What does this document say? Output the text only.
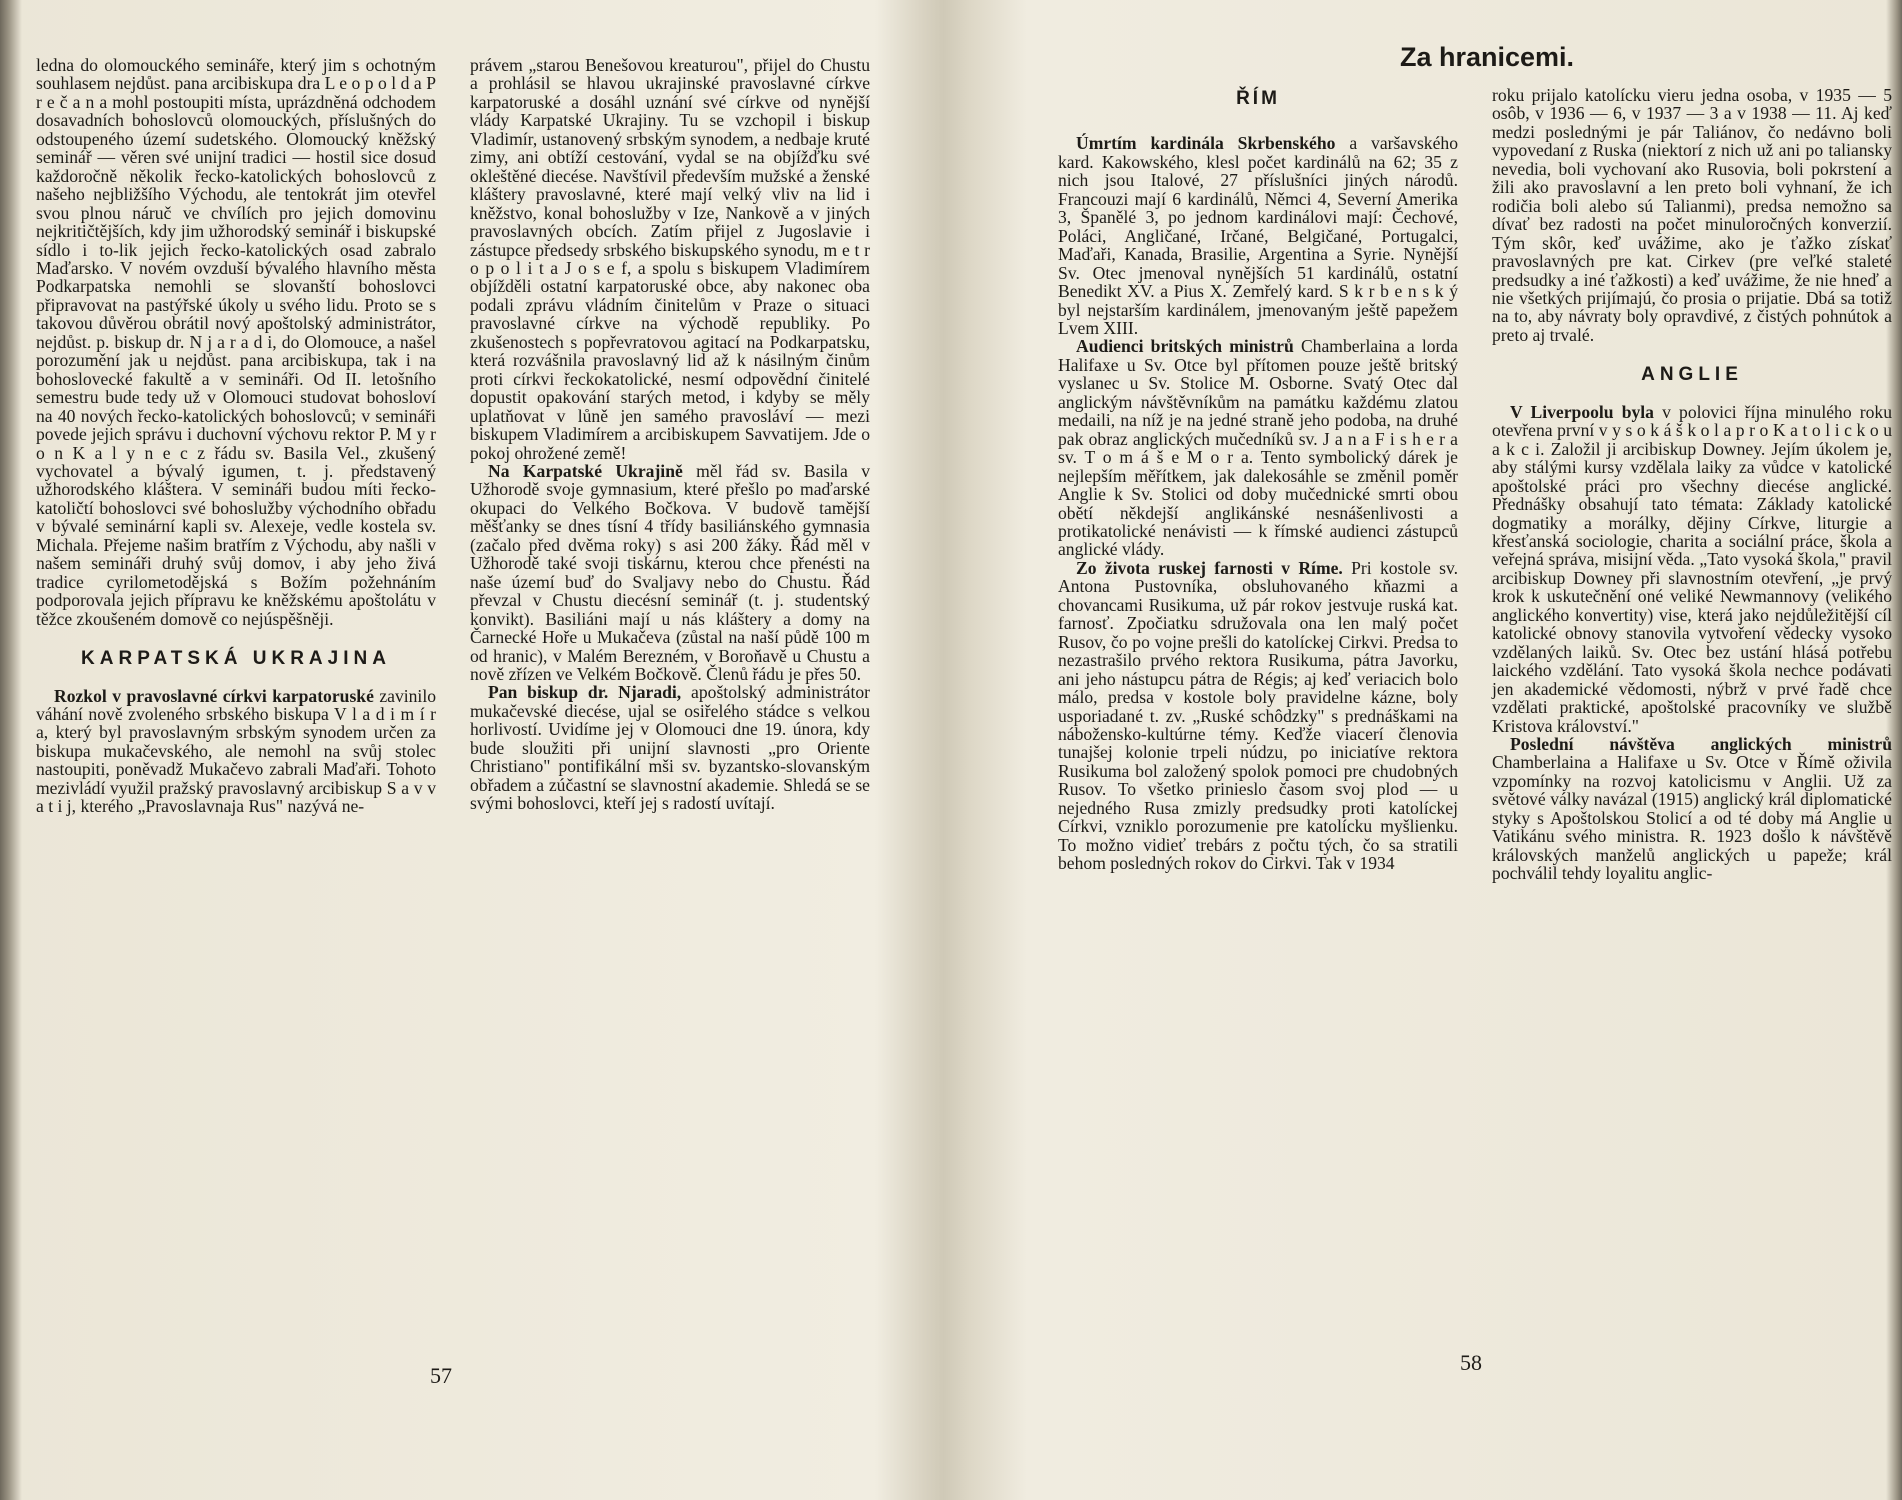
Za hranicemi.

ledna do olomouckého semináře, který jim s ochotným souhlasem nejdůst. pana arcibiskupa dra L e o p o l d a P r e č a n a mohl postoupiti místa, uprázdněná odchodem dosavadních bohoslovců olomouckých, příslušných do odstoupeného území sudetského. Olomoucký kněžský seminář — věren své unijní tradici — hostil sice dosud každoročně několik řecko-katolických bohoslovců z našeho nejbližšího Východu, ale tentokrát jim otevřel svou plnou náruč ve chvílích pro jejich domovinu nejkritičtějších, kdy jim užhorodský seminář i biskupské sídlo i to-lik jejich řecko-katolických osad zabralo Maďarsko. V novém ovzduší bývalého hlavního města Podkarpatska nemohli se slovanští bohoslovci připravovat na pastýřské úkoly u svého lidu. Proto se s takovou důvěrou obrátil nový apoštolský administrátor, nejdůst. p. biskup dr. N j a r a d i, do Olomouce, a našel porozumění jak u nejdůst. pana arcibiskupa, tak i na bohoslovecké fakultě a v semináři. Od II. letošního semestru bude tedy už v Olomouci studovat bohosloví na 40 nových řecko-katolických bohoslovců; v semináři povede jejich správu i duchovní výchovu rektor P. M y r o n K a l y n e c z řádu sv. Basila Vel., zkušený vychovatel a bývalý igumen, t. j. představený užhorodského kláštera. V semináři budou míti řecko-katoličtí bohoslovci své bohoslužby východního obřadu v bývalé seminární kapli sv. Alexeje, vedle kostela sv. Michala. Přejeme našim bratřím z Východu, aby našli v našem semináři druhý svůj domov, i aby jeho živá tradice cyrilometodějská s Božím požehnáním podporovala jejich přípravu ke kněžskému apoštolátu v těžce zkoušeném domově co nejúspěšněji.

KARPATSKÁ UKRAJINA

Rozkol v pravoslavné církvi karpatoruské zavinilo váhání nově zvoleného srbského biskupa V l a d i m í r a, který byl pravoslavným srbským synodem určen za biskupa mukačevského, ale nemohl na svůj stolec nastoupiti, poněvadž Mukačevo zabrali Maďaři. Tohoto mezivládí využil pražský pravoslavný arcibiskup S a v v a t i j, kterého „Pravoslavnaja Rus" nazývá ne-

právem „starou Benešovou kreaturou", přijel do Chustu a prohlásil se hlavou ukrajinské pravoslavné církve karpatoruské a dosáhl uznání své církve od nynější vlády Karpatské Ukrajiny. Tu se vzchopil i biskup Vladimír, ustanovený srbským synodem, a nedbaje kruté zimy, ani obtíží cestování, vydal se na objížďku své okleštěné diecése. Navštívil především mužské a ženské kláštery pravoslavné, které mají velký vliv na lid i kněžstvo, konal bohoslužby v Ize, Nankově a v jiných pravoslavných obcích. Zatím přijel z Jugoslavie i zástupce předsedy srbského biskupského synodu, m e t r o p o l i t a J o s e f, a spolu s biskupem Vladimírem objížděli ostatní karpatoruské obce, aby nakonec oba podali zprávu vládním činitelům v Praze o situaci pravoslavné církve na východě republiky. Po zkušenostech s popřevratovou agitací na Podkarpatsku, která rozvášnila pravoslavný lid až k násilným činům proti církvi řeckokatolické, nesmí odpovědní činitelé dopustit opakování starých metod, i kdyby se měly uplatňovat v lůně jen samého pravosláví — mezi biskupem Vladimírem a arcibiskupem Savvatijem. Jde o pokoj ohrožené země!

Na Karpatské Ukrajině měl řád sv. Basila v Užhorodě svoje gymnasium, které přešlo po maďarské okupaci do Velkého Bočkova. V budově tamější měšťanky se dnes tísní 4 třídy basiliánského gymnasia (začalo před dvěma roky) s asi 200 žáky. Řád měl v Užhorodě také svoji tiskárnu, kterou chce přenésti na naše území buď do Svaljavy nebo do Chustu. Řád převzal v Chustu diecésní seminář (t. j. studentský konvikt). Basiliáni mají u nás kláštery a domy na Čarnecké Hoře u Mukačeva (zůstal na naší půdě 100 m od hranic), v Malém Berezném, v Boroňavě u Chustu a nově zřízen ve Velkém Bočkově. Členů řádu je přes 50.

Pan biskup dr. Njaradi, apoštolský administrátor mukačevské diecése, ujal se osiřelého stádce s velkou horlivostí. Uvidíme jej v Olomouci dne 19. února, kdy bude sloužiti při unijní slavnosti „pro Oriente Christiano" pontifikální mši sv. byzantsko-slovanským obřadem a zúčastní se slavnostní akademie. Shledá se se svými bohoslovci, kteří jej s radostí uvítají.

ŘÍM

Úmrtím kardinála Skrbenského a varšavského kard. Kakowského, klesl počet kardinálů na 62; 35 z nich jsou Italové, 27 příslušníci jiných národů. Francouzi mají 6 kardinálů, Němci 4, Severní Amerika 3, Španělé 3, po jednom kardinálovi mají: Čechové, Poláci, Angličané, Irčané, Belgičané, Portugalci, Maďaři, Kanada, Brasilie, Argentina a Syrie. Nynější Sv. Otec jmenoval nynějších 51 kardinálů, ostatní Benedikt XV. a Pius X. Zemřelý kard. S k r b e n s k ý byl nejstarším kardinálem, jmenovaným ještě papežem Lvem XIII.

Audienci britských ministrů Chamberlaina a lorda Halifaxe u Sv. Otce byl přítomen pouze ještě britský vyslanec u Sv. Stolice M. Osborne. Svatý Otec dal anglickým návštěvníkům na památku každému zlatou medaili, na níž je na jedné straně jeho podoba, na druhé pak obraz anglických mučedníků sv. J a n a F i s h e r a sv. T o m á š e M o r a. Tento symbolický dárek je nejlepším měřítkem, jak dalekosáhle se změnil poměr Anglie k Sv. Stolici od doby mučednické smrti obou obětí někdejší anglikánské nesnášenlivosti a protikatolické nenávisti — k římské audienci zástupců anglické vlády.

Zo života ruskej farnosti v Ríme. Pri kostole sv. Antona Pustovníka, obsluhovaného kňazmi a chovancami Rusikuma, už pár rokov jestvuje ruská kat. farnosť. Zpočiatku sdružovala ona len malý počet Rusov, čo po vojne prešli do katolíckej Cirkvi. Predsa to nezastrašilo prvého rektora Rusikuma, pátra Javorku, ani jeho nástupcu pátra de Régis; aj keď veriacich bolo málo, predsa v kostole boly pravidelne kázne, boly usporiadané t. zv. „Ruské schôdzky" s prednáškami na nábožensko-kultúrne témy. Keďže viacerí členovia tunajšej kolonie trpeli núdzu, po iniciatíve rektora Rusikuma bol založený spolok pomoci pre chudobných Rusov. To všetko prinieslo časom svoj plod — u nejedného Rusa zmizly predsudky proti katolíckej Církvi, vzniklo porozumenie pre katolícku myšlienku. To možno vidieť trebárs z počtu tých, čo sa stratili behom posledných rokov do Cirkvi. Tak v 1934

roku prijalo katolícku vieru jedna osoba, v 1935 — 5 osôb, v 1936 — 6, v 1937 — 3 a v 1938 — 11. Aj keď medzi poslednými je pár Taliánov, čo nedávno boli vypovedaní z Ruska (niektorí z nich už ani po taliansky nevedia, boli vychovaní ako Rusovia, boli pokrstení a žili ako pravoslavní a len preto boli vyhnaní, že ich rodičia boli alebo sú Talianmi), predsa nemožno sa dívať bez radosti na počet minuloročných konverzií. Tým skôr, keď uvážime, ako je ťažko získať pravoslavných pre kat. Cirkev (pre veľké staleté predsudky a iné ťažkosti) a keď uvážime, že nie hneď a nie všetkých prijímajú, čo prosia o prijatie. Dbá sa totiž na to, aby návraty boly opravdivé, z čistých pohnútok a preto aj trvalé.

ANGLIE

V Liverpoolu byla v polovici října minulého roku otevřena první v y s o k á š k o l a p r o K a t o l i c k o u a k c i. Založil ji arcibiskup Downey. Jejím úkolem je, aby stálými kursy vzdělala laiky za vůdce v katolické apoštolské práci pro všechny diecése anglické. Přednášky obsahují tato témata: Základy katolické dogmatiky a morálky, dějiny Církve, liturgie a křesťanská sociologie, charita a sociální práce, škola a veřejná správa, misijní věda. „Tato vysoká škola," pravil arcibiskup Downey při slavnostním otevření, „je prvý krok k uskutečnění oné veliké Newmannovy (velikého anglického konvertity) vise, která jako nejdůležitější cíl katolické obnovy stanovila vytvoření vědecky vysoko vzdělaných laiků. Sv. Otec bez ustání hlásá potřebu laického vzdělání. Tato vysoká škola nechce podávati jen akademické vědomosti, nýbrž v prvé řadě chce vzdělati praktické, apoštolské pracovníky ve službě Kristova království."

Poslední návštěva anglických ministrů Chamberlaina a Halifaxe u Sv. Otce v Římě oživila vzpomínky na rozvoj katolicismu v Anglii. Už za světové války navázal (1915) anglický král diplomatické styky s Apoštolskou Stolicí a od té doby má Anglie u Vatikánu svého ministra. R. 1923 došlo k návštěvě královských manželů anglických u papeže; král pochválil tehdy loyalitu anglic-

57
58
